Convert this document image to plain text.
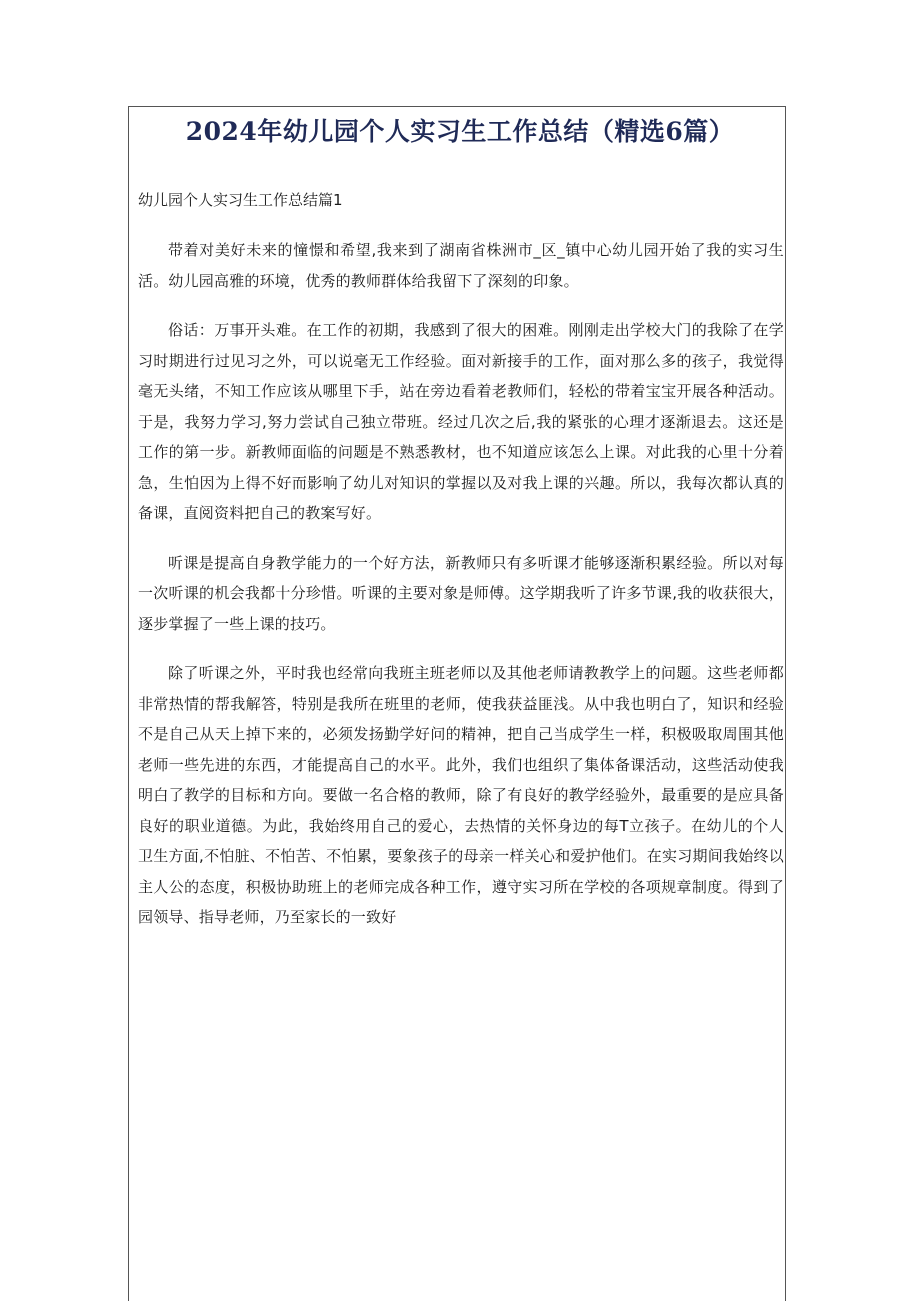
2024年幼儿园个人实习生工作总结（精选6篇）
幼儿园个人实习生工作总结篇1

带着对美好未来的憧憬和希望,我来到了湖南省株洲市_区_镇中心幼儿园开始了我的实习生活。幼儿园高雅的环境，优秀的教师群体给我留下了深刻的印象。

俗话：万事开头难。在工作的初期，我感到了很大的困难。刚刚走出学校大门的我除了在学习时期进行过见习之外，可以说毫无工作经验。面对新接手的工作，面对那么多的孩子，我觉得毫无头绪，不知工作应该从哪里下手，站在旁边看着老教师们，轻松的带着宝宝开展各种活动。于是，我努力学习,努力尝试自己独立带班。经过几次之后,我的紧张的心理才逐渐退去。这还是工作的第一步。新教师面临的问题是不熟悉教材，也不知道应该怎么上课。对此我的心里十分着急，生怕因为上得不好而影响了幼儿对知识的掌握以及对我上课的兴趣。所以，我每次都认真的备课，直阅资料把自己的教案写好。

听课是提高自身教学能力的一个好方法，新教师只有多听课才能够逐渐积累经验。所以对每一次听课的机会我都十分珍惜。听课的主要对象是师傅。这学期我听了许多节课,我的收获很大，逐步掌握了一些上课的技巧。

除了听课之外，平时我也经常向我班主班老师以及其他老师请教教学上的问题。这些老师都非常热情的帮我解答，特别是我所在班里的老师，使我获益匪浅。从中我也明白了，知识和经验不是自己从天上掉下来的，必须发扬勤学好问的精神，把自己当成学生一样，积极吸取周围其他老师一些先进的东西，才能提高自己的水平。此外，我们也组织了集体备课活动，这些活动使我明白了教学的目标和方向。要做一名合格的教师，除了有良好的教学经验外，最重要的是应具备良好的职业道德。为此，我始终用自己的爱心，去热情的关怀身边的每T立孩子。在幼儿的个人卫生方面,不怕脏、不怕苦、不怕累，要象孩子的母亲一样关心和爱护他们。在实习期间我始终以主人公的态度，积极协助班上的老师完成各种工作，遵守实习所在学校的各项规章制度。得到了园领导、指导老师，乃至家长的一致好
